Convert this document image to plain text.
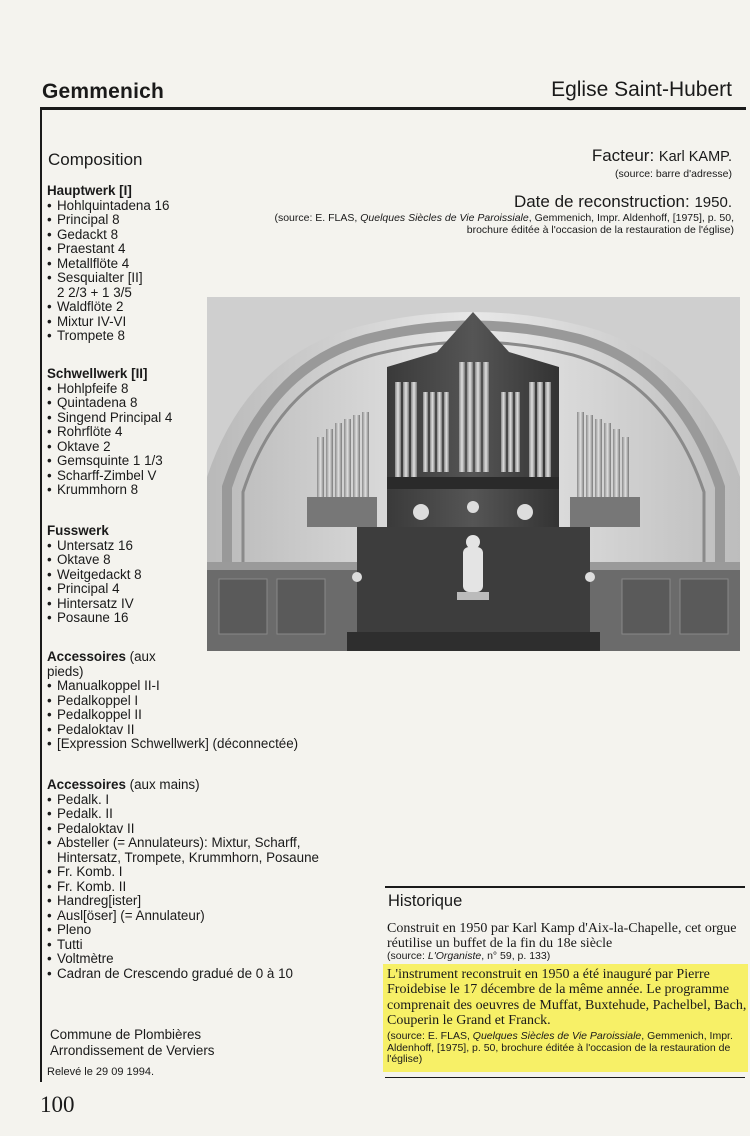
Gemmenich	Eglise Saint-Hubert
Composition
Hauptwerk [I]
• Hohlquintadena 16
• Principal 8
• Gedackt 8
• Praestant 4
• Metallflöte 4
• Sesquialter [II]
2 2/3 + 1 3/5
• Waldflöte 2
• Mixtur IV-VI
• Trompete 8
Schwellwerk [II]
• Hohlpfeife 8
• Quintadena 8
• Singend Principal 4
• Rohrflöte 4
• Oktave 2
• Gemsquinte 1 1/3
• Scharff-Zimbel V
• Krummhorn 8
Fusswerk
• Untersatz 16
• Oktave 8
• Weitgedackt 8
• Principal 4
• Hintersatz IV
• Posaune 16
Accessoires (aux
pieds)
• Manualkoppel II-I
• Pedalkoppel I
• Pedalkoppel II
• Pedaloktav II
• [Expression Schwellwerk] (déconnectée)
Accessoires (aux mains)
• Pedalk. I
• Pedalk. II
• Pedaloktav II
• Absteller (= Annulateurs): Mixtur, Scharff,
Hintersatz, Trompete, Krummhorn, Posaune
• Fr. Komb. I
• Fr. Komb. II
• Handreg[ister]
• Ausl[öser] (= Annulateur)
• Pleno
• Tutti
• Voltmètre
• Cadran de Crescendo gradué de 0 à 10
Facteur: Karl KAMP.
(source: barre d'adresse)
Date de reconstruction: 1950.
(source: E. FLAS, Quelques Siècles de Vie Paroissiale, Gemmenich, Impr. Aldenhoff, [1975], p. 50, brochure éditée à l'occasion de la restauration de l'église)
Historique
Construit en 1950 par Karl Kamp d'Aix-la-Chapelle, cet orgue réutilise un buffet de la fin du 18e siècle
(source: L'Organiste, n° 59, p. 133)
L'instrument reconstruit en 1950 a été inauguré par Pierre Froidebise le 17 décembre de la même année. Le programme comprenait des oeuvres de Muffat, Buxtehude, Pachelbel, Bach, Couperin le Grand et Franck.
(source: E. FLAS, Quelques Siècles de Vie Paroissiale, Gemmenich, Impr. Aldenhoff, [1975], p. 50, brochure éditée à l'occasion de la restauration de l'église)
Commune de Plombières
Arrondissement de Verviers
Relevé le 29 09 1994.
100
